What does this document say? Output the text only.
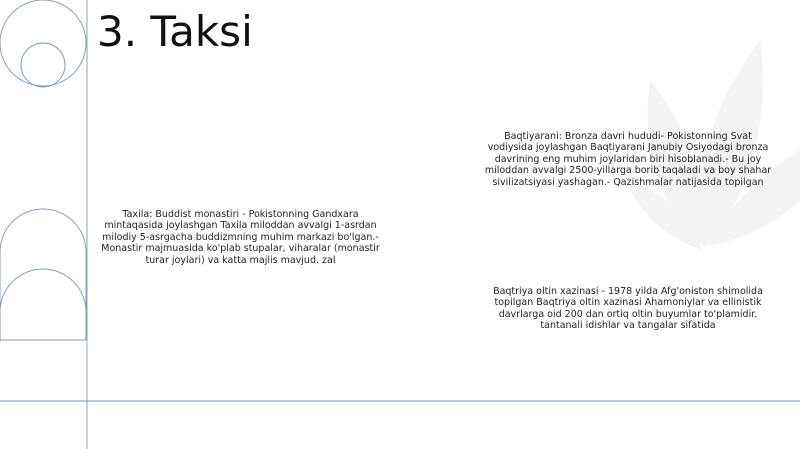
3. Taksi

Baqtiyarani: Bronza davri hududi- Pokistonning Svat vodiysida joylashgan Baqtiyarani Janubiy Osiyodagi bronza davrining eng muhim joylaridan biri hisoblanadi.- Bu joy miloddan avvalgi 2500-yillarga borib taqaladi va boy shahar sivilizatsiyasi yashagan.- Qazishmalar natijasida topilgan

Taxila: Buddist monastiri - Pokistonning Gandxara mintaqasida joylashgan Taxila miloddan avvalgi 1-asrdan milodiy 5-asrgacha buddizmning muhim markazi bo'lgan.- Monastir majmuasida ko'plab stupalar, viharalar (monastir turar joylari) va katta majlis mavjud. zal

Baqtriya oltin xazinasi - 1978 yilda Afg'oniston shimolida topilgan Baqtriya oltin xazinasi Ahamoniylar va ellinistik davrlarga oid 200 dan ortiq oltin buyumlar to'plamidir. tantanali idishlar va tangalar sifatida
